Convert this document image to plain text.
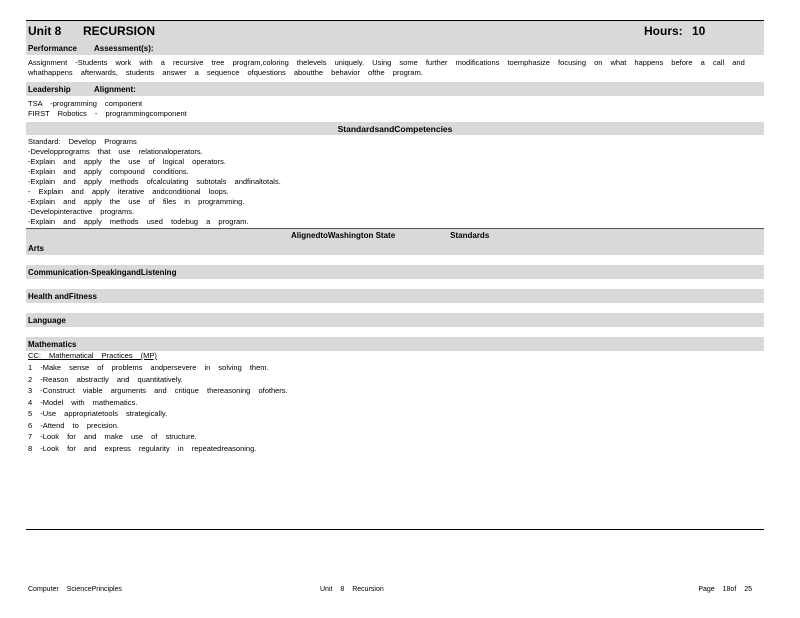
Unit 8	RECURSION	Hours: 10
Performance	Assessment(s):
Assignment -Students work with a recursive tree program,coloring thelevels uniquely. Using some further modifications toemphasize focusing on what happens before a call and
whathappens afterwards, students answer a sequence ofquestions aboutthe behavior ofthe program.
Leadership	Alignment:
TSA -programming component
FIRST Robotics - programmingcomponent
StandardsandCompetencies
Standard: Develop Programs
-Developprograms that use relationaloperators.
-Explain and apply the use of logical operators.
-Explain and apply compound conditions.
-Explain and apply methods ofcalculating subtotals andfinaltotals.
- Explain and apply iterative andconditional loops.
-Explain and apply the use of files in programming.
-Developinteractive programs.
-Explain and apply methods used todebug a program.
AlignedtoWashington State	Standards
Arts
Communication-SpeakingandListening
Health andFitness
Language
Mathematics
CC: Mathematical Practices (MP)
1 -Make sense of problems andpersevere in solving them.
2 -Reason abstractly and quantitatively.
3 -Construct viable arguments and critique thereasoning ofothers.
4 -Model with mathematics.
5 -Use appropriatetools strategically.
6 -Attend to precision.
7 -Look for and make use of structure.
8 -Look for and express regularity in repeatedreasoning.
Computer SciencePrinciples	Unit 8 Recursion	Page 18of 25
